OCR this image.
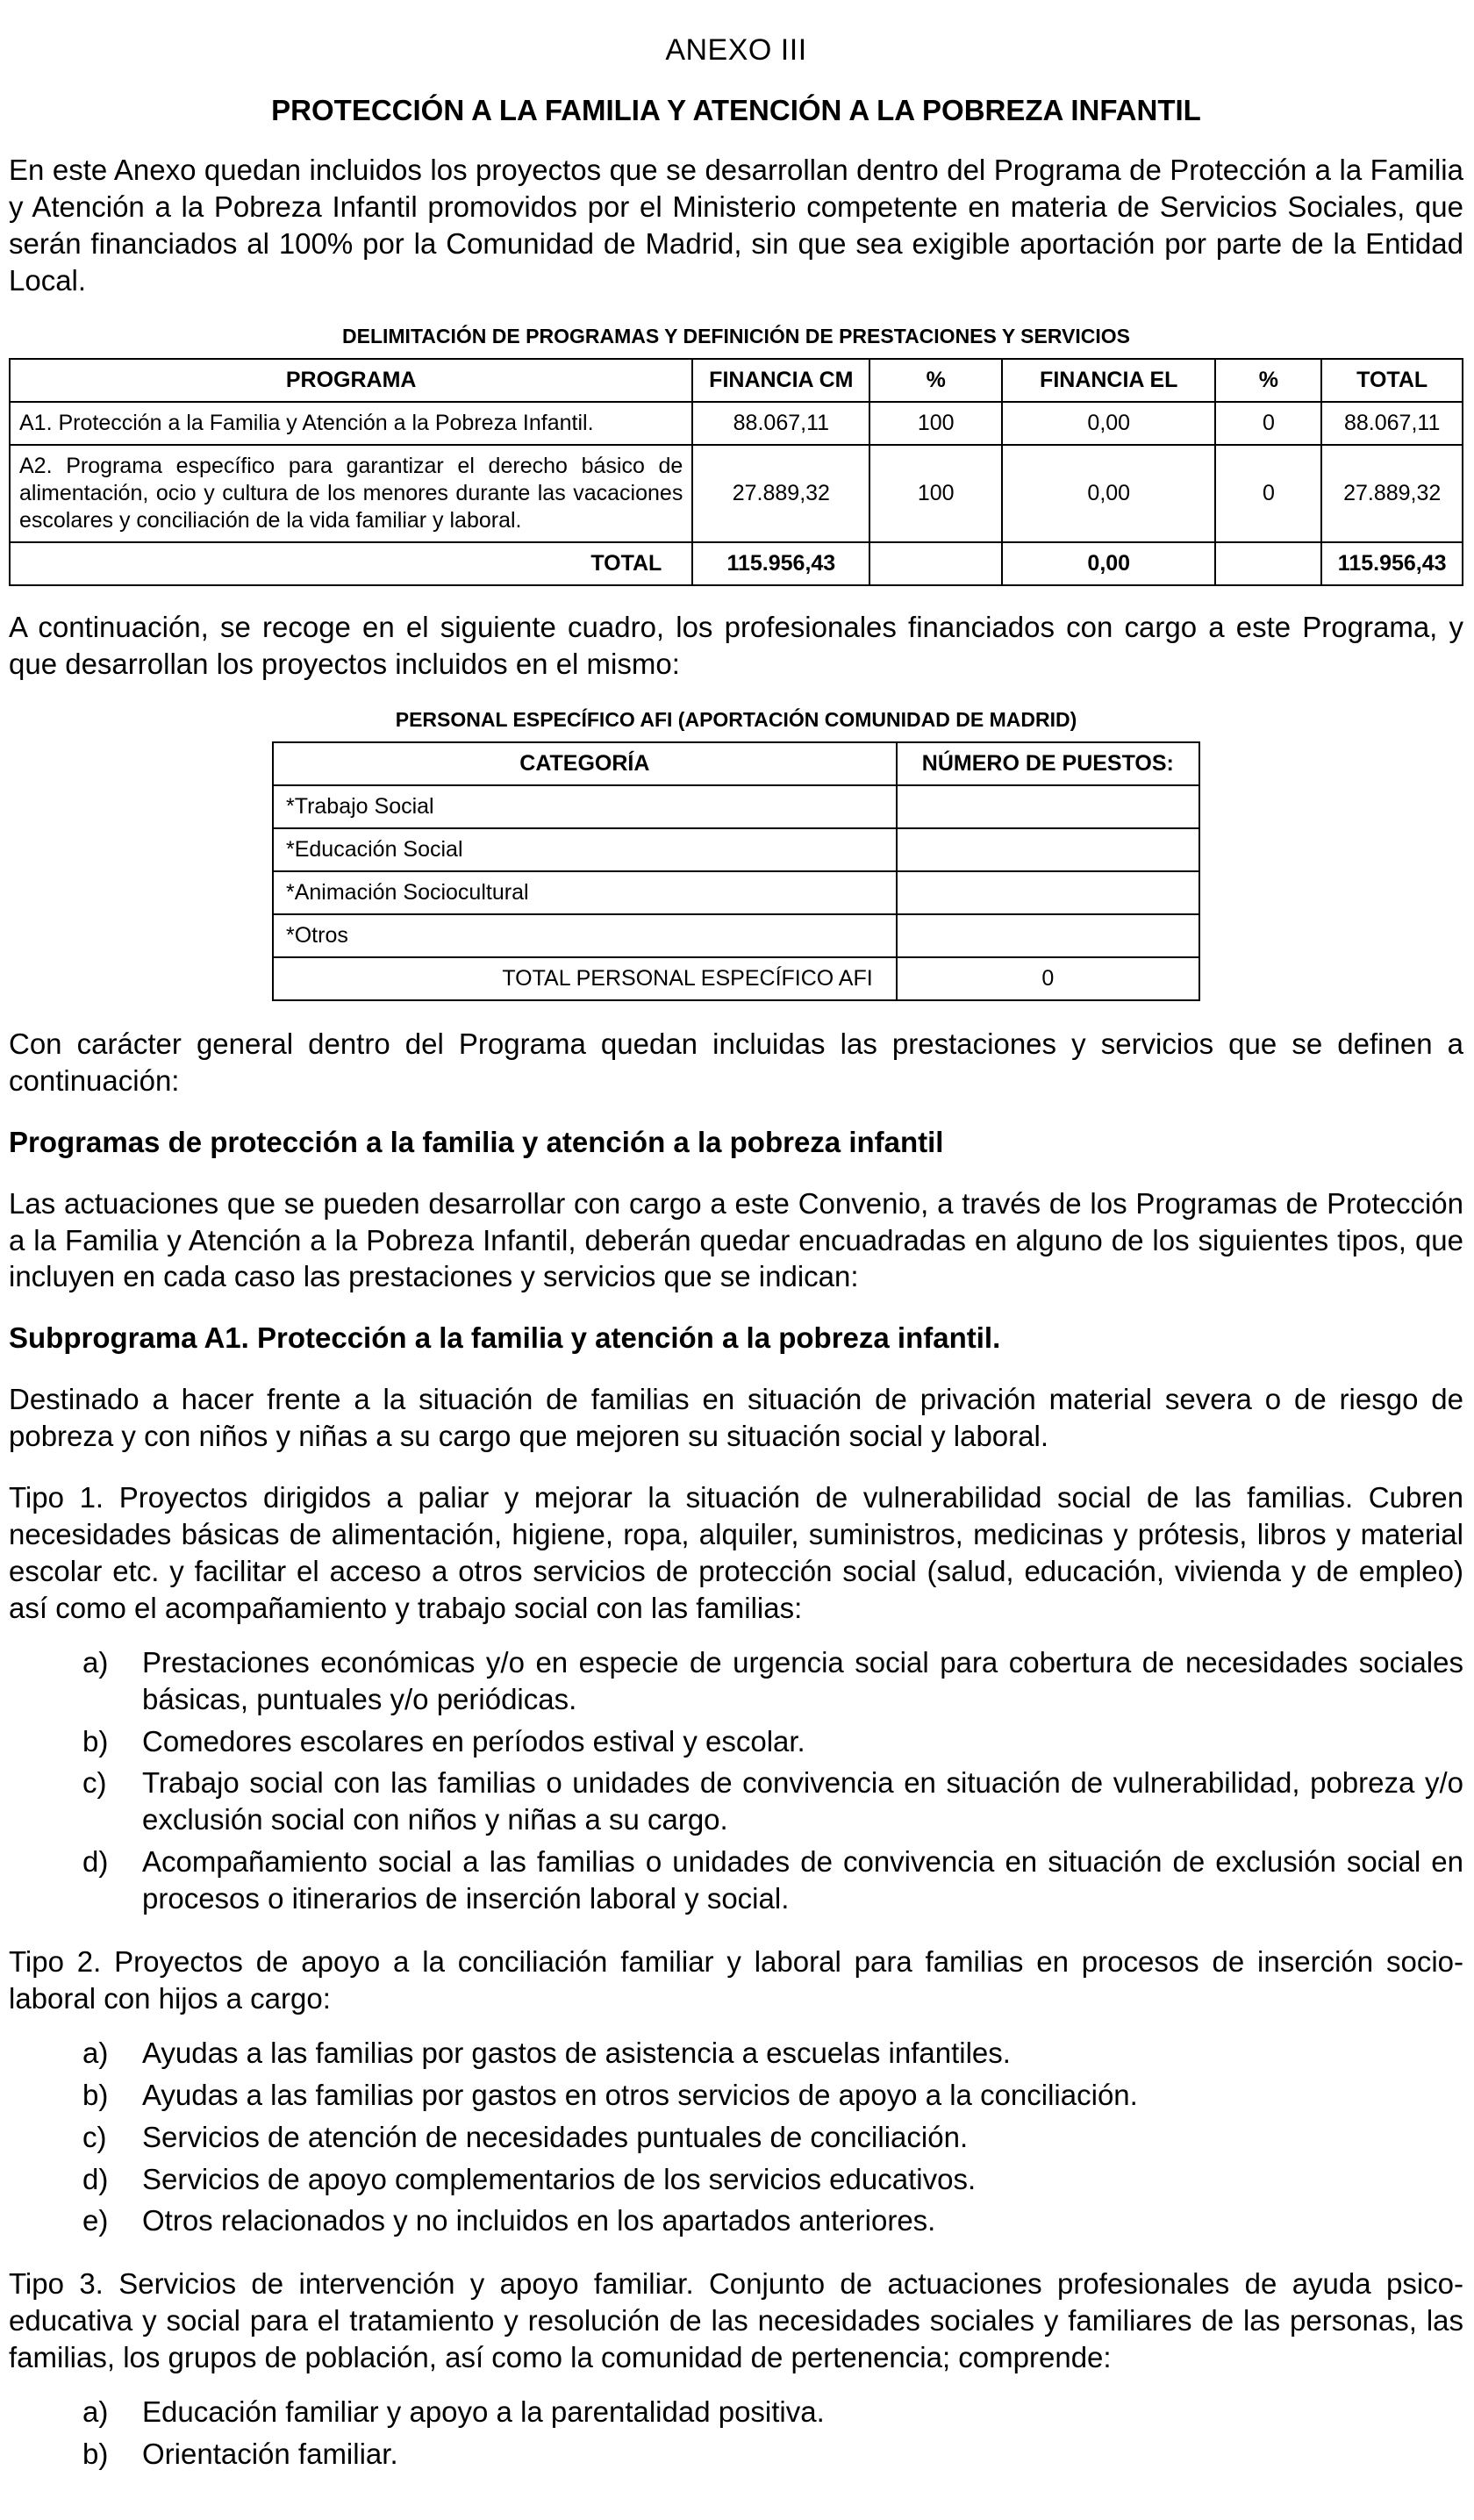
ANEXO III
PROTECCIÓN A LA FAMILIA Y ATENCIÓN A LA POBREZA INFANTIL

En este Anexo quedan incluidos los proyectos que se desarrollan dentro del Programa de Protección a la Familia y Atención a la Pobreza Infantil promovidos por el Ministerio competente en materia de Servicios Sociales, que serán financiados al 100% por la Comunidad de Madrid, sin que sea exigible aportación por parte de la Entidad Local.

DELIMITACIÓN DE PROGRAMAS Y DEFINICIÓN DE PRESTACIONES Y SERVICIOS
PROGRAMA	FINANCIA CM	%	FINANCIA EL	%	TOTAL
A1. Protección a la Familia y Atención a la Pobreza Infantil.	88.067,11	100	0,00	0	88.067,11
A2. Programa específico para garantizar el derecho básico de alimentación, ocio y cultura de los menores durante las vacaciones escolares y conciliación de la vida familiar y laboral.	27.889,32	100	0,00	0	27.889,32
TOTAL	115.956,43		0,00		115.956,43

A continuación, se recoge en el siguiente cuadro, los profesionales financiados con cargo a este Programa, y que desarrollan los proyectos incluidos en el mismo:

PERSONAL ESPECÍFICO AFI (APORTACIÓN COMUNIDAD DE MADRID)
CATEGORÍA	NÚMERO DE PUESTOS:
*Trabajo Social	
*Educación Social	
*Animación Sociocultural	
*Otros	
TOTAL PERSONAL ESPECÍFICO AFI	0

Con carácter general dentro del Programa quedan incluidas las prestaciones y servicios que se definen a continuación:

Programas de protección a la familia y atención a la pobreza infantil

Las actuaciones que se pueden desarrollar con cargo a este Convenio, a través de los Programas de Protección a la Familia y Atención a la Pobreza Infantil, deberán quedar encuadradas en alguno de los siguientes tipos, que incluyen en cada caso las prestaciones y servicios que se indican:

Subprograma A1. Protección a la familia y atención a la pobreza infantil.

Destinado a hacer frente a la situación de familias en situación de privación material severa o de riesgo de pobreza y con niños y niñas a su cargo que mejoren su situación social y laboral.

Tipo 1. Proyectos dirigidos a paliar y mejorar la situación de vulnerabilidad social de las familias. Cubren necesidades básicas de alimentación, higiene, ropa, alquiler, suministros, medicinas y prótesis, libros y material escolar etc. y facilitar el acceso a otros servicios de protección social (salud, educación, vivienda y de empleo) así como el acompañamiento y trabajo social con las familias:

a) Prestaciones económicas y/o en especie de urgencia social para cobertura de necesidades sociales básicas, puntuales y/o periódicas.
b) Comedores escolares en períodos estival y escolar.
c) Trabajo social con las familias o unidades de convivencia en situación de vulnerabilidad, pobreza y/o exclusión social con niños y niñas a su cargo.
d) Acompañamiento social a las familias o unidades de convivencia en situación de exclusión social en procesos o itinerarios de inserción laboral y social.

Tipo 2. Proyectos de apoyo a la conciliación familiar y laboral para familias en procesos de inserción socio-laboral con hijos a cargo:

a) Ayudas a las familias por gastos de asistencia a escuelas infantiles.
b) Ayudas a las familias por gastos en otros servicios de apoyo a la conciliación.
c) Servicios de atención de necesidades puntuales de conciliación.
d) Servicios de apoyo complementarios de los servicios educativos.
e) Otros relacionados y no incluidos en los apartados anteriores.

Tipo 3. Servicios de intervención y apoyo familiar. Conjunto de actuaciones profesionales de ayuda psico-educativa y social para el tratamiento y resolución de las necesidades sociales y familiares de las personas, las familias, los grupos de población, así como la comunidad de pertenencia; comprende:

a) Educación familiar y apoyo a la parentalidad positiva.
b) Orientación familiar.
